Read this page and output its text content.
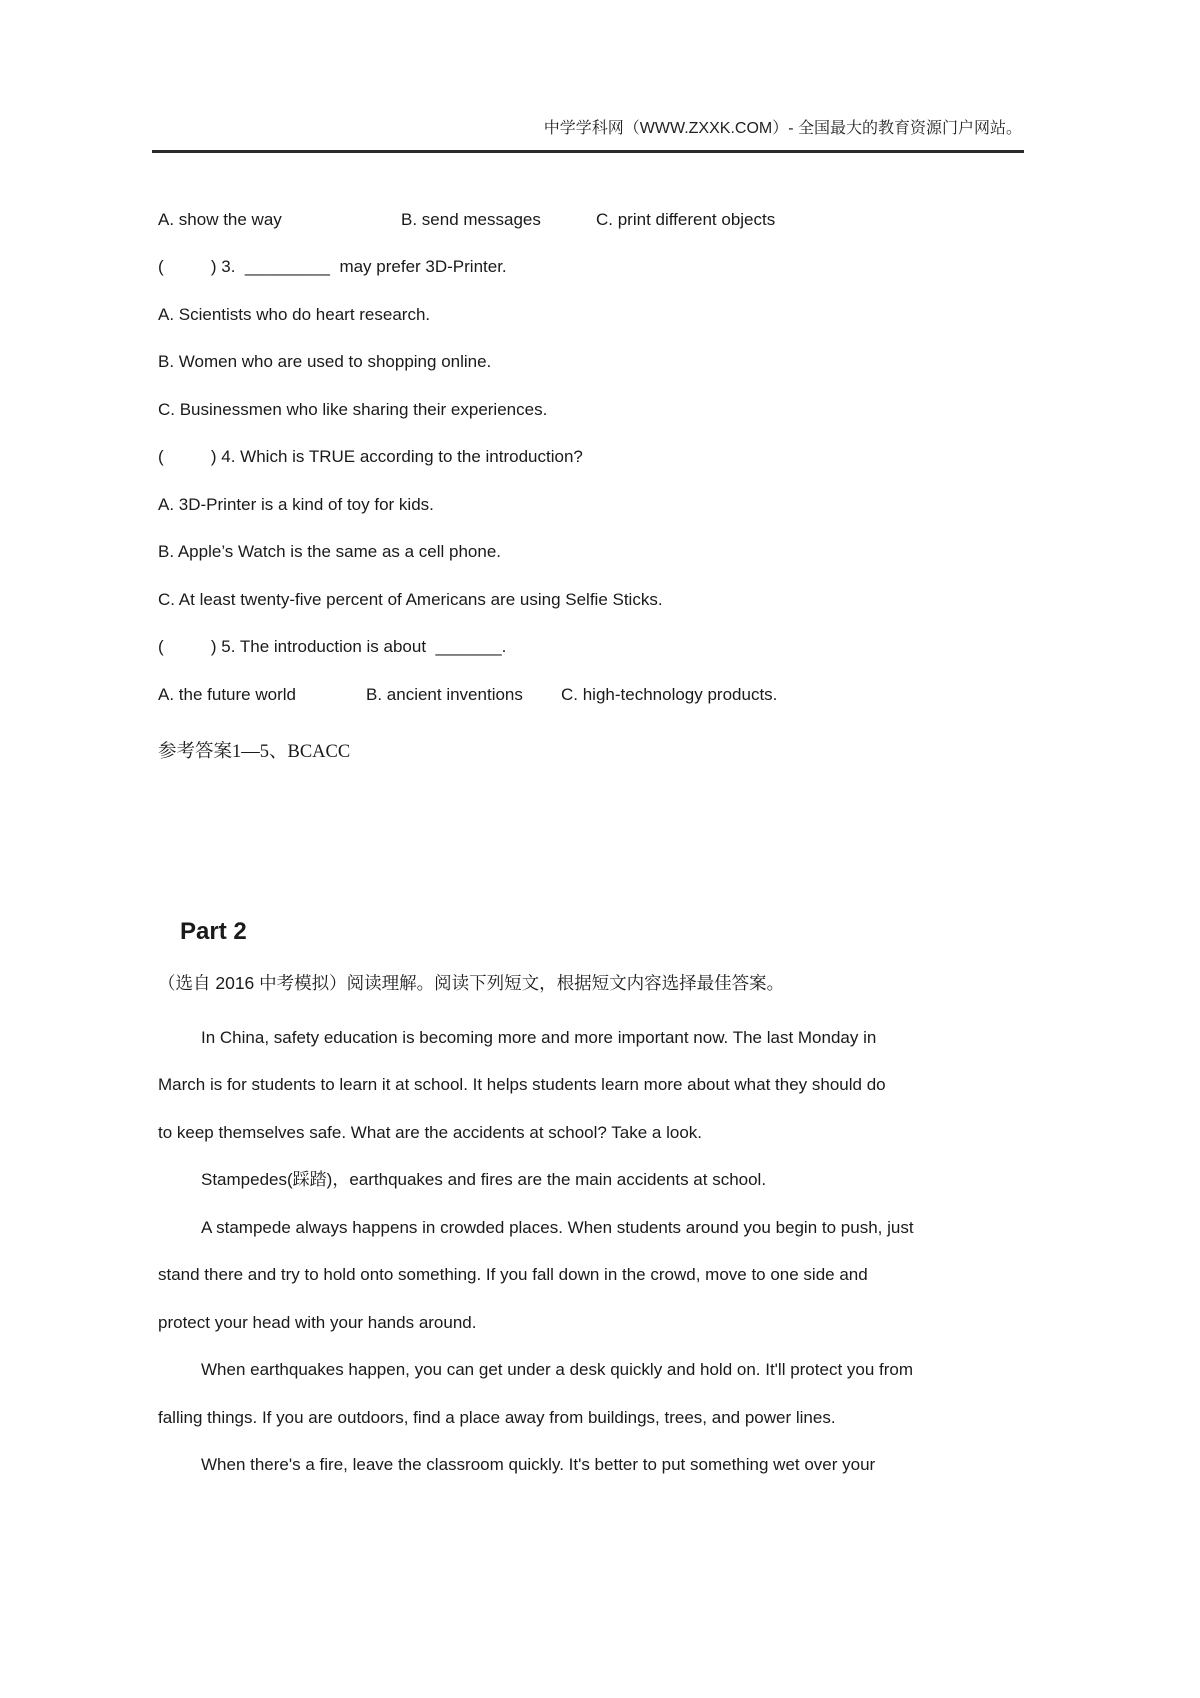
中学学科网（WWW.ZXXK.COM）- 全国最大的教育资源门户网站。
A. show the way	B. send messages	C. print different objects
(          ) 3.  _________  may prefer 3D-Printer.
A. Scientists who do heart research.
B. Women who are used to shopping online.
C. Businessmen who like sharing their experiences.
(          ) 4. Which is TRUE according to the introduction?
A. 3D-Printer is a kind of toy for kids.
B. Apple’s Watch is the same as a cell phone.
C. At least twenty-five percent of Americans are using Selfie Sticks.
(          ) 5. The introduction is about  _______.
A. the future world	B. ancient inventions C. high-technology products.
参考答案1—5、BCACC
Part 2
（选自 2016 中考模拟）阅读理解。阅读下列短文，根据短文内容选择最佳答案。
In China, safety education is becoming more and more important now. The last Monday in
March is for students to learn it at school. It helps students learn more about what they should do
to keep themselves safe. What are the accidents at school? Take a look.
Stampedes(踩踏)，earthquakes and fires are the main accidents at school.
A stampede always happens in crowded places. When students around you begin to push, just
stand there and try to hold onto something. If you fall down in the crowd, move to one side and
protect your head with your hands around.
When earthquakes happen, you can get under a desk quickly and hold on. It'll protect you from
falling things. If you are outdoors, find a place away from buildings, trees, and power lines.
When there's a fire, leave the classroom quickly. It's better to put something wet over your
